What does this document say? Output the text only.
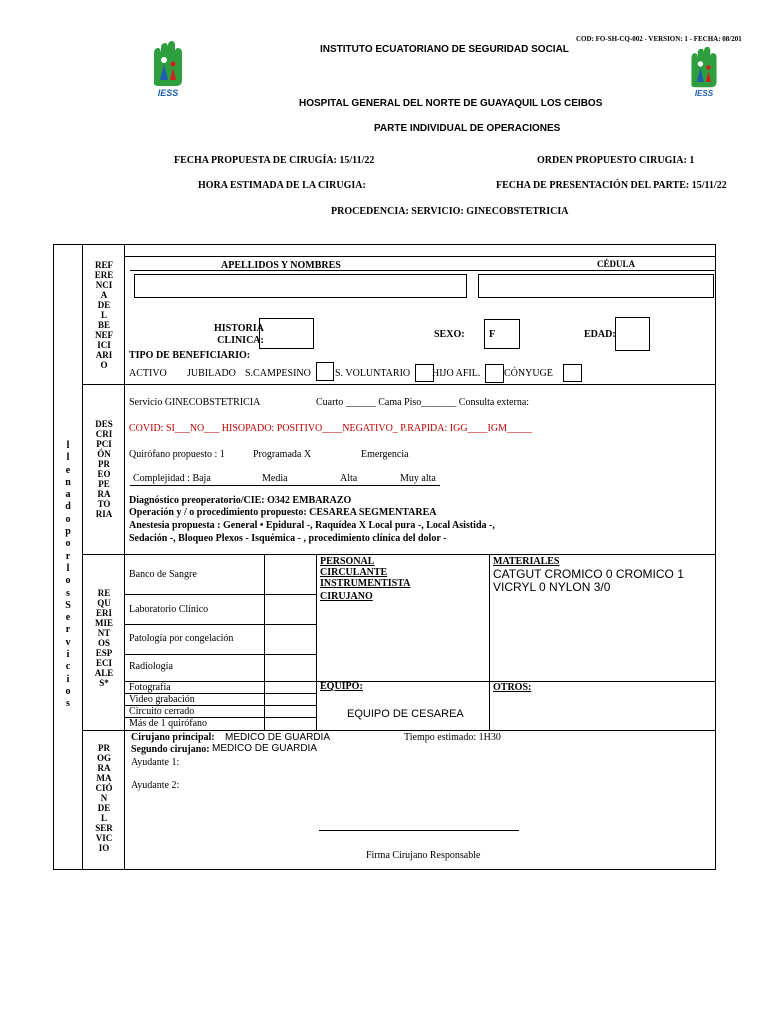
COD: FO-SH-CQ-002 - VERSION: 1 - FECHA: 08/201
IESS	IESS
INSTITUTO ECUATORIANO DE SEGURIDAD SOCIAL
HOSPITAL GENERAL DEL NORTE DE GUAYAQUIL LOS CEIBOS
PARTE INDIVIDUAL DE OPERACIONES
FECHA PROPUESTA DE CIRUGÍA: 15/11/22	ORDEN PROPUESTO CIRUGIA: 1
HORA ESTIMADA DE LA CIRUGIA:	FECHA DE PRESENTACIÓN DEL PARTE: 15/11/22
PROCEDENCIA: SERVICIO: GINECOBSTETRICIA
l
l
e
n
a
d
o
p
o
r
l
o
s
S
e
r
v
i
c
i
o
s
REF
ERE
NCI
A
DE
L
BE
NEF
ICI
ARI
O
APELLIDOS Y NOMBRES	CÉDULA
HISTORIA
CLINICA:
SEXO: F	EDAD:
TIPO DE BENEFICIARIO:
ACTIVO JUBILADO S.CAMPESINO S. VOLUNTARIO HIJO AFIL. CÓNYUGE
DES
CRI
PCI
ÓN
PR
EO
PE
RA
TO
RIA
Servicio GINECOBSTETRICIA	Cuarto ______ Cama Piso_______ Consulta externa:
COVID: SI___NO___ HISOPADO: POSITIVO____NEGATIVO_ P.RAPIDA: IGG____IGM_____
Quirófano propuesto : 1	Programada X	Emergencia
Complejidad : Baja	Media	Alta	Muy alta
Diagnóstico preoperatorio/CIE: O342 EMBARAZO
Operación y / o procedimiento propuesto: CESAREA SEGMENTAREA
Anestesia propuesta : General • Epidural -, Raquídea X Local pura -, Local Asistida -,
Sedación -, Bloqueo Plexos - Isquémica - , procedimiento clínica del dolor -
RE
QU
ERI
MIE
NT
OS
ESP
ECI
ALE
S*
Banco de Sangre
Laboratorio Clínico
Patología por congelación
Radiología
Fotografía
Video grabación
Circuito cerrado
Más de 1 quirófano
PERSONAL
CIRCULANTE
INSTRUMENTISTA
CIRUJANO
EQUIPO:
EQUIPO DE CESAREA
MATERIALES
CATGUT CROMICO 0 CROMICO 1
VICRYL 0 NYLON 3/0
OTROS:
PR
OG
RA
MA
CIÓ
N
DE
L
SER
VIC
IO
Cirujano principal: MEDICO DE GUARDIA	Tiempo estimado: 1H30
Segundo cirujano: MEDICO DE GUARDIA
Ayudante 1:
Ayudante 2:
Firma Cirujano Responsable
